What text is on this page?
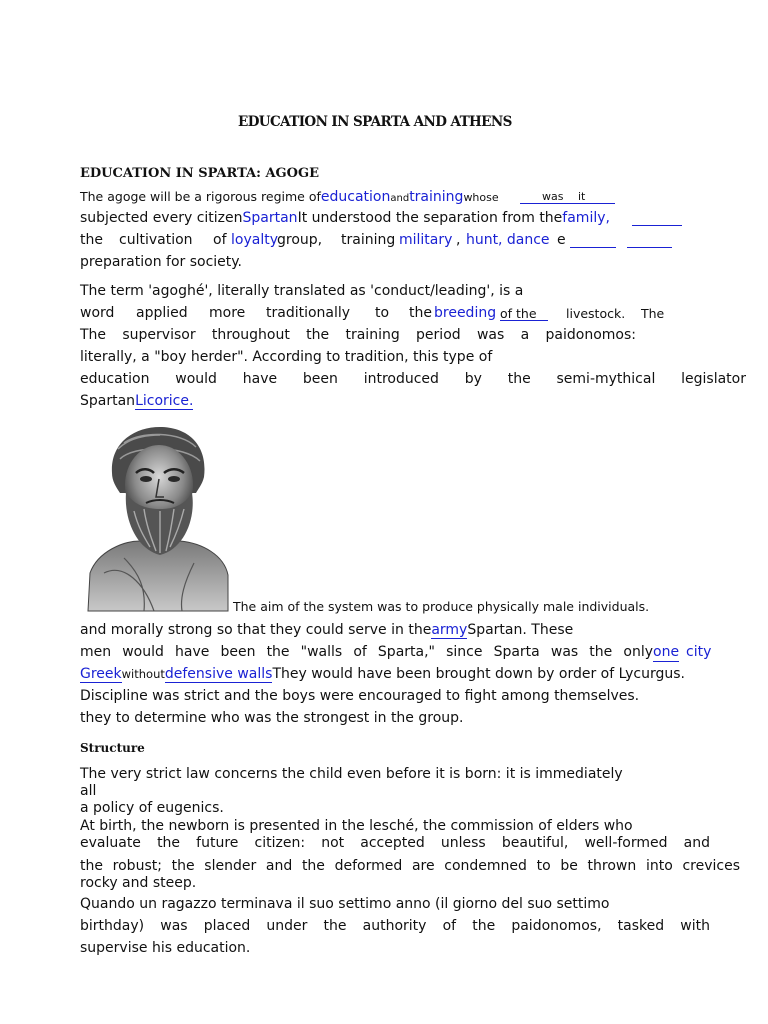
EDUCATION IN SPARTA AND ATHENS
EDUCATION IN SPARTA: AGOGE
The agoge will be a rigorous regime ofeducationandtrainingwhose	was it
subjected every citizenSpartanIt understood the separation from thefamily,
the cultivation of loyalty group, training military , hunt , dance e
preparation for society.
The term 'agoghé', literally translated as 'conduct/leading', is a
word applied more traditionally to the breeding of the livestock. The
The supervisor throughout the training period was a paidonomos:
literally, a "boy herder". According to tradition, this type of
education would have been introduced by the semi-mythical legislator
SpartanLicorice.
The aim of the system was to produce physically male individuals.
and morally strong so that they could serve in thearmySpartan. These
men would have been the "walls of Sparta," since Sparta was the only one city
Greekwithoutdefensive wallsThey would have been brought down by order of Lycurgus.
Discipline was strict and the boys were encouraged to fight among themselves.
they to determine who was the strongest in the group.
Structure
The very strict law concerns the child even before it is born: it is immediately
all
a policy of eugenics.
At birth, the newborn is presented in the lesché, the commission of elders who
evaluate the future citizen: not accepted unless beautiful, well-formed and
the robust; the slender and the deformed are condemned to be thrown into crevices
rocky and steep.
Quando un ragazzo terminava il suo settimo anno (il giorno del suo settimo
birthday) was placed under the authority of the paidonomos, tasked with
supervise his education.
